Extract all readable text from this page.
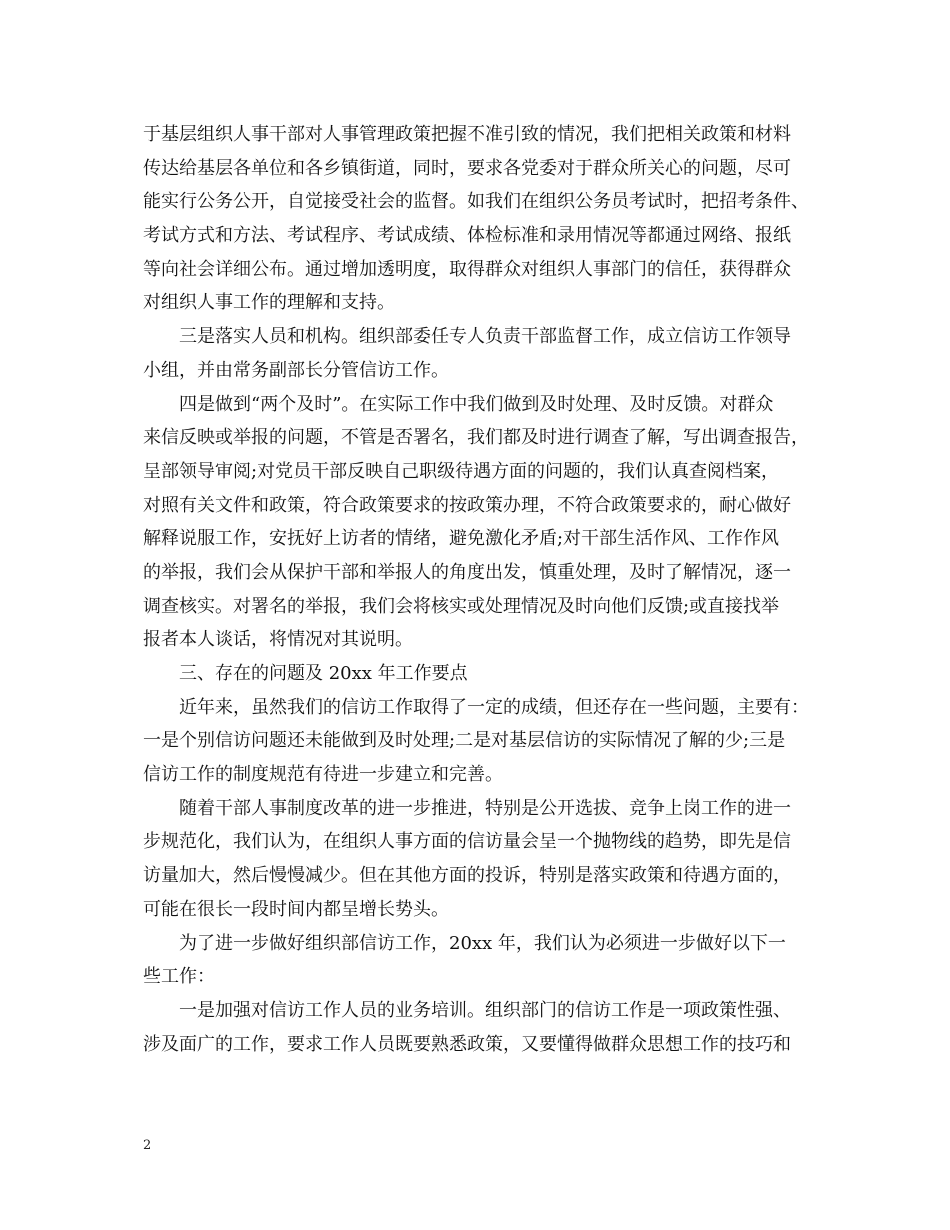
于基层组织人事干部对人事管理政策把握不准引致的情况，我们把相关政策和材料
传达给基层各单位和各乡镇街道，同时，要求各党委对于群众所关心的问题，尽可
能实行公务公开，自觉接受社会的监督。如我们在组织公务员考试时，把招考条件、
考试方式和方法、考试程序、考试成绩、体检标准和录用情况等都通过网络、报纸
等向社会详细公布。通过增加透明度，取得群众对组织人事部门的信任，获得群众
对组织人事工作的理解和支持。
三是落实人员和机构。组织部委任专人负责干部监督工作，成立信访工作领导
小组，并由常务副部长分管信访工作。
四是做到“两个及时”。在实际工作中我们做到及时处理、及时反馈。对群众
来信反映或举报的问题，不管是否署名，我们都及时进行调查了解，写出调查报告，
呈部领导审阅;对党员干部反映自己职级待遇方面的问题的，我们认真查阅档案，
对照有关文件和政策，符合政策要求的按政策办理，不符合政策要求的，耐心做好
解释说服工作，安抚好上访者的情绪，避免激化矛盾;对干部生活作风、工作作风
的举报，我们会从保护干部和举报人的角度出发，慎重处理，及时了解情况，逐一
调查核实。对署名的举报，我们会将核实或处理情况及时向他们反馈;或直接找举
报者本人谈话，将情况对其说明。
三、存在的问题及 20xx 年工作要点
近年来，虽然我们的信访工作取得了一定的成绩，但还存在一些问题，主要有：
一是个别信访问题还未能做到及时处理;二是对基层信访的实际情况了解的少;三是
信访工作的制度规范有待进一步建立和完善。
随着干部人事制度改革的进一步推进，特别是公开选拔、竞争上岗工作的进一
步规范化，我们认为，在组织人事方面的信访量会呈一个抛物线的趋势，即先是信
访量加大，然后慢慢减少。但在其他方面的投诉，特别是落实政策和待遇方面的，
可能在很长一段时间内都呈增长势头。
为了进一步做好组织部信访工作，20xx 年，我们认为必须进一步做好以下一
些工作：
一是加强对信访工作人员的业务培训。组织部门的信访工作是一项政策性强、
涉及面广的工作，要求工作人员既要熟悉政策，又要懂得做群众思想工作的技巧和
2
